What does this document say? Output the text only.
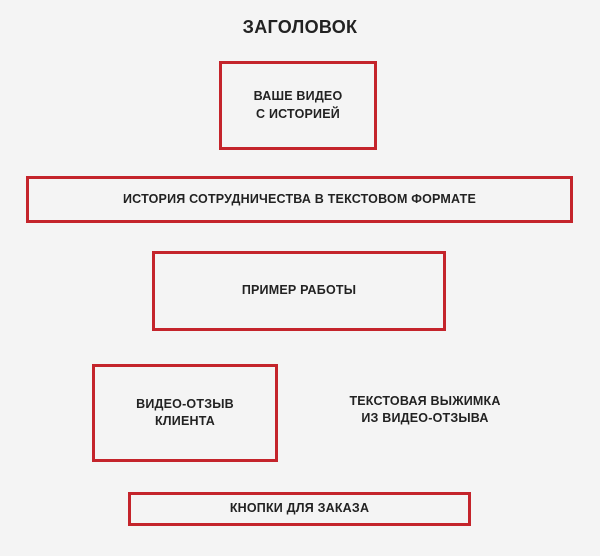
ЗАГОЛОВОК
ВАШЕ ВИДЕО
С ИСТОРИЕЙ
ИСТОРИЯ СОТРУДНИЧЕСТВА В ТЕКСТОВОМ ФОРМАТЕ
ПРИМЕР РАБОТЫ
ВИДЕО-ОТЗЫВ
КЛИЕНТА
ТЕКСТОВАЯ ВЫЖИМКА
ИЗ ВИДЕО-ОТЗЫВА
КНОПКИ ДЛЯ ЗАКАЗА
